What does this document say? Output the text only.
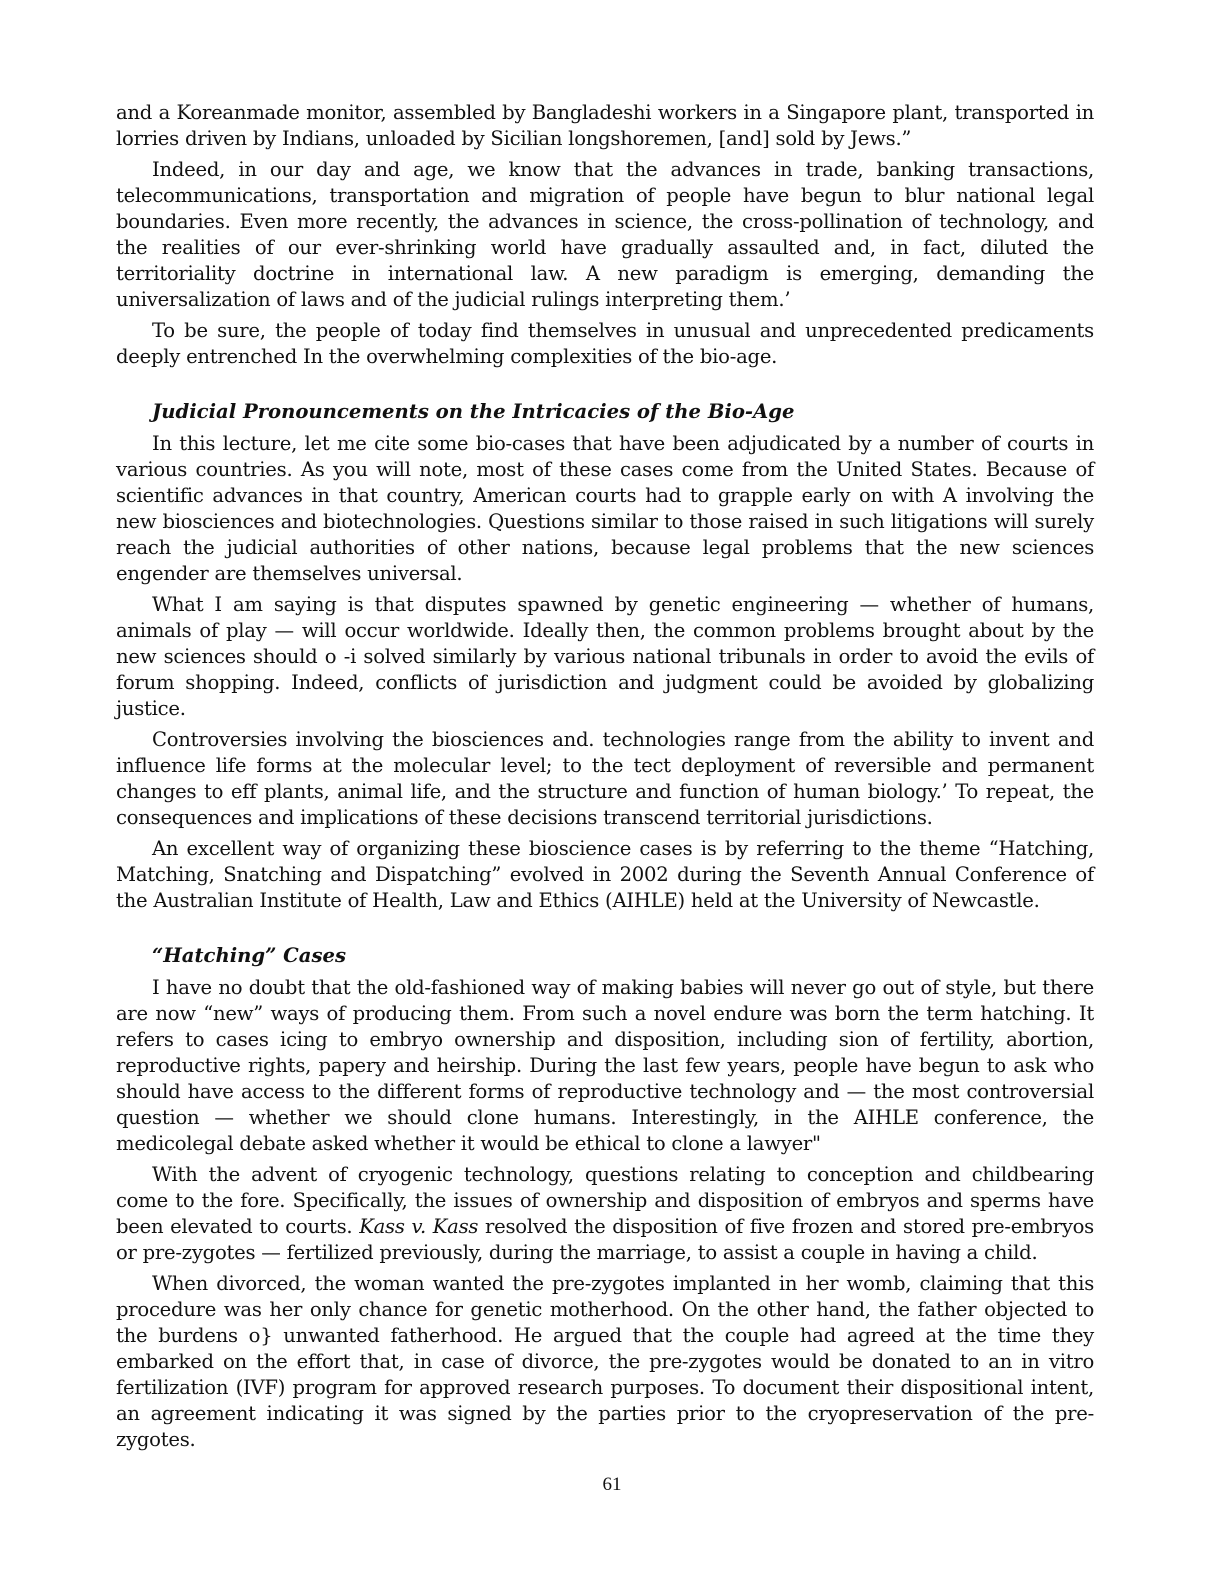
and a Koreanmade monitor, assembled by Bangladeshi workers in a Singapore plant, transported in lorries driven by Indians, unloaded by Sicilian longshoremen, [and] sold by Jews.”

Indeed, in our day and age, we know that the advances in trade, banking transactions, telecommunications, transportation and migration of people have begun to blur national legal boundaries. Even more recently, the advances in science, the cross-pollination of technology, and the realities of our ever-shrinking world have gradually assaulted and, in fact, diluted the territoriality doctrine in international law. A new paradigm is emerging, demanding the universalization of laws and of the judicial rulings interpreting them.’

To be sure, the people of today find themselves in unusual and unprecedented predicaments deeply entrenched In the overwhelming complexities of the bio-age.

Judicial Pronouncements on the Intricacies of the Bio-Age

In this lecture, let me cite some bio-cases that have been adjudicated by a number of courts in various countries. As you will note, most of these cases come from the United States. Because of scientific advances in that country, American courts had to grapple early on with A involving the new biosciences and biotechnologies. Questions similar to those raised in such litigations will surely reach the judicial authorities of other nations, because legal problems that the new sciences engender are themselves universal.

What I am saying is that disputes spawned by genetic engineering — whether of humans, animals of play — will occur worldwide. Ideally then, the common problems brought about by the new sciences should o -i solved similarly by various national tribunals in order to avoid the evils of forum shopping. Indeed, conflicts of jurisdiction and judgment could be avoided by globalizing justice.

Controversies involving the biosciences and. technologies range from the ability to invent and influence life forms at the molecular level; to the tect deployment of reversible and permanent changes to eff plants, animal life, and the structure and function of human biology.’ To repeat, the consequences and implications of these decisions transcend territorial jurisdictions.

An excellent way of organizing these bioscience cases is by referring to the theme “Hatching, Matching, Snatching and Dispatching” evolved in 2002 during the Seventh Annual Conference of the Australian Institute of Health, Law and Ethics (AIHLE) held at the University of Newcastle.

“Hatching” Cases

I have no doubt that the old-fashioned way of making babies will never go out of style, but there are now “new” ways of producing them. From such a novel endure was born the term hatching. It refers to cases icing to embryo ownership and disposition, including sion of fertility, abortion, reproductive rights, papery and heirship. During the last few years, people have begun to ask who should have access to the different forms of reproductive technology and — the most controversial question — whether we should clone humans. Interestingly, in the AIHLE conference, the medicolegal debate asked whether it would be ethical to clone a lawyer"

With the advent of cryogenic technology, questions relating to conception and childbearing come to the fore. Specifically, the issues of ownership and disposition of embryos and sperms have been elevated to courts. Kass v. Kass resolved the disposition of five frozen and stored pre-embryos or pre-zygotes — fertilized previously, during the marriage, to assist a couple in having a child.

When divorced, the woman wanted the pre-zygotes implanted in her womb, claiming that this procedure was her only chance for genetic motherhood. On the other hand, the father objected to the burdens o} unwanted fatherhood. He argued that the couple had agreed at the time they embarked on the effort that, in case of divorce, the pre-zygotes would be donated to an in vitro fertilization (IVF) program for approved research purposes. To document their dispositional intent, an agreement indicating it was signed by the parties prior to the cryopreservation of the pre-zygotes.

61
